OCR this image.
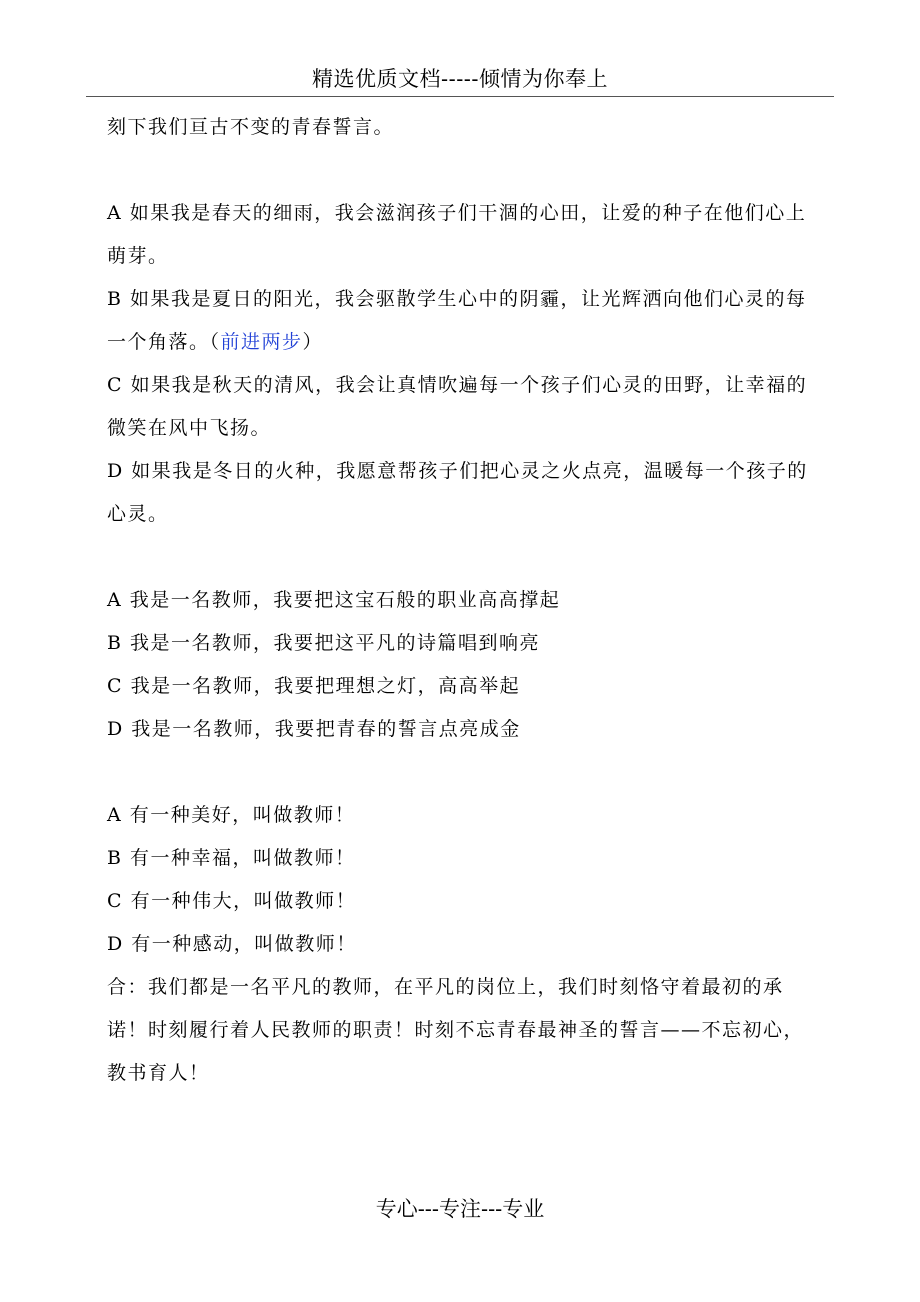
精选优质文档-----倾情为你奉上
刻下我们亘古不变的青春誓言。
A 如果我是春天的细雨，我会滋润孩子们干涸的心田，让爱的种子在他们心上
萌芽。
B 如果我是夏日的阳光，我会驱散学生心中的阴霾，让光辉洒向他们心灵的每
一个角落。（前进两步）
C 如果我是秋天的清风，我会让真情吹遍每一个孩子们心灵的田野，让幸福的
微笑在风中飞扬。
D 如果我是冬日的火种，我愿意帮孩子们把心灵之火点亮，温暖每一个孩子的
心灵。
A 我是一名教师，我要把这宝石般的职业高高撑起
B 我是一名教师，我要把这平凡的诗篇唱到响亮
C 我是一名教师，我要把理想之灯，高高举起
D 我是一名教师，我要把青春的誓言点亮成金
A 有一种美好，叫做教师！
B 有一种幸福，叫做教师！
C 有一种伟大，叫做教师！
D 有一种感动，叫做教师！
合：我们都是一名平凡的教师，在平凡的岗位上，我们时刻恪守着最初的承
诺！时刻履行着人民教师的职责！时刻不忘青春最神圣的誓言——不忘初心，
教书育人！
专心---专注---专业
